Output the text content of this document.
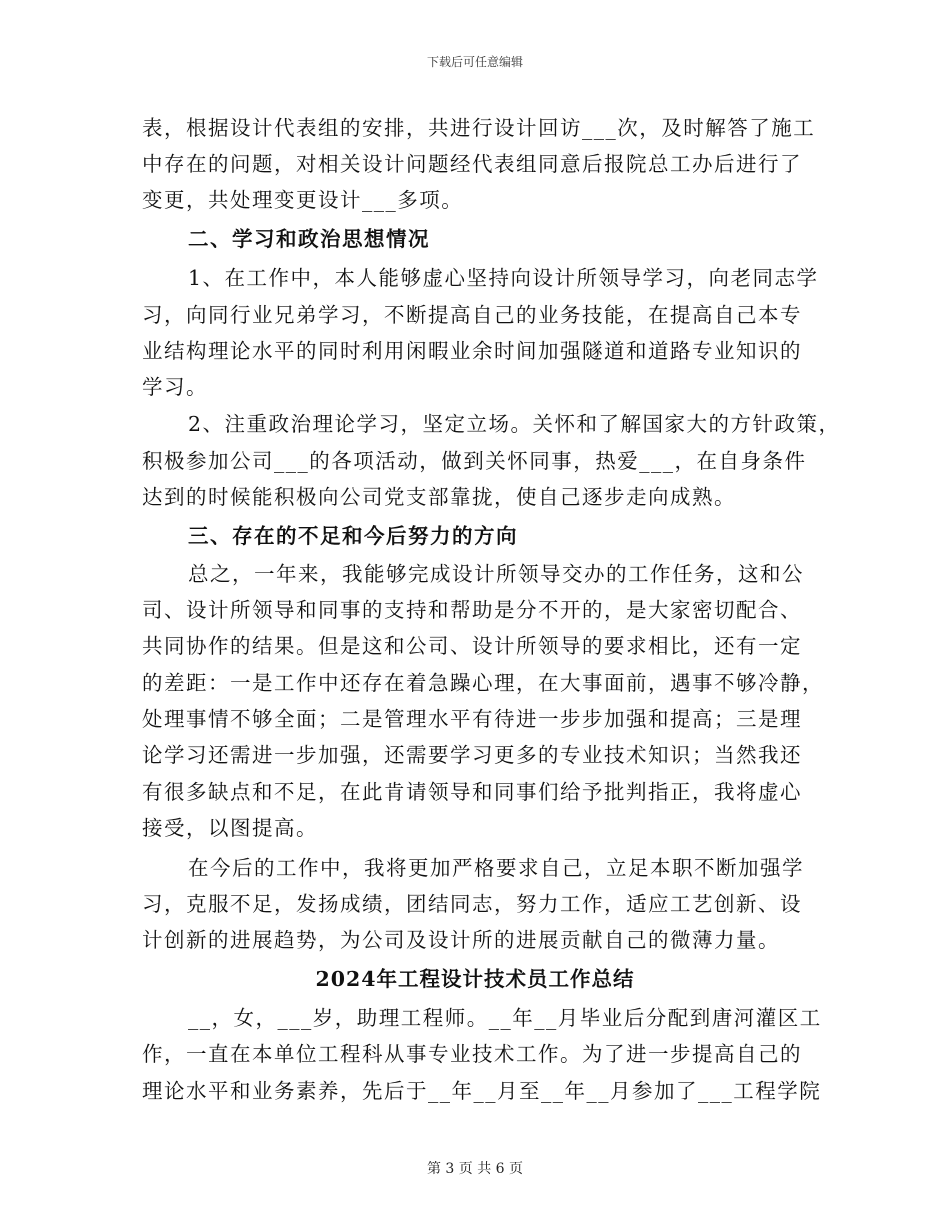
下载后可任意编辑
表，根据设计代表组的安排，共进行设计回访___次，及时解答了施工
中存在的问题，对相关设计问题经代表组同意后报院总工办后进行了
变更，共处理变更设计___多项。
二、学习和政治思想情况
1、在工作中，本人能够虚心坚持向设计所领导学习，向老同志学
习，向同行业兄弟学习，不断提高自己的业务技能，在提高自己本专
业结构理论水平的同时利用闲暇业余时间加强隧道和道路专业知识的
学习。
2、注重政治理论学习，坚定立场。关怀和了解国家大的方针政策，
积极参加公司___的各项活动，做到关怀同事，热爱___，在自身条件
达到的时候能积极向公司党支部靠拢，使自己逐步走向成熟。
三、存在的不足和今后努力的方向
总之，一年来，我能够完成设计所领导交办的工作任务，这和公
司、设计所领导和同事的支持和帮助是分不开的，是大家密切配合、
共同协作的结果。但是这和公司、设计所领导的要求相比，还有一定
的差距：一是工作中还存在着急躁心理，在大事面前，遇事不够冷静，
处理事情不够全面；二是管理水平有待进一步步加强和提高；三是理
论学习还需进一步加强，还需要学习更多的专业技术知识；当然我还
有很多缺点和不足，在此肯请领导和同事们给予批判指正，我将虚心
接受，以图提高。
在今后的工作中，我将更加严格要求自己，立足本职不断加强学
习，克服不足，发扬成绩，团结同志，努力工作，适应工艺创新、设
计创新的进展趋势，为公司及设计所的进展贡献自己的微薄力量。
2024年工程设计技术员工作总结
__，女，___岁，助理工程师。__年__月毕业后分配到唐河灌区工
作，一直在本单位工程科从事专业技术工作。为了进一步提高自己的
理论水平和业务素养，先后于__年__月至__年__月参加了___工程学院
第 3 页 共 6 页
